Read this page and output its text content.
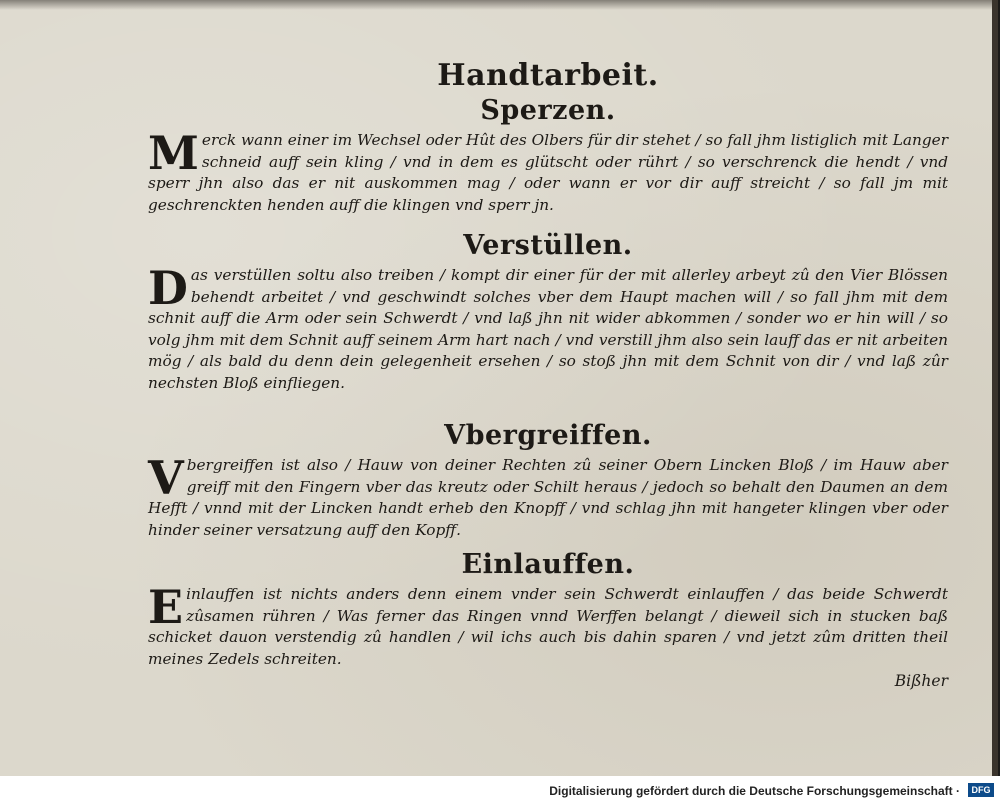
Handtarbeit.
Sperzen.

Merck wann einer im Wechsel oder Hût des Olbers für dir stehet / so fall jhm listiglich mit Langer schneid auff sein kling / vnd in dem es glütscht oder rührt / so verschrenck die hendt / vnd sperr jhn also das er nit auskommen mag / oder wann er vor dir auff streicht / so fall jm mit geschrenckten henden auff die klingen vnd sperr jn.

Verstüllen.

Das verstüllen soltu also treiben / kompt dir einer für der mit allerley arbeyt zû den Vier Blössen behendt arbeitet / vnd geschwindt solches vber dem Haupt machen will / so fall jhm mit dem schnit auff die Arm oder sein Schwerdt / vnd laß jhn nit wider abkommen / sonder wo er hin will / so volg jhm mit dem Schnit auff seinem Arm hart nach / vnd verstill jhm also sein lauff das er nit arbeiten mög / als bald du denn dein gelegenheit ersehen / so stoß jhn mit dem Schnit von dir / vnd laß zûr nechsten Bloß einfliegen.

Vbergreiffen.

Vbergreiffen ist also / Hauw von deiner Rechten zû seiner Obern Lincken Bloß / im Hauw aber greiff mit den Fingern vber das kreutz oder Schilt heraus / jedoch so behalt den Daumen an dem Hefft / vnnd mit der Lincken handt erheb den Knopff / vnd schlag jhn mit hangeter klingen vber oder hinder seiner versatzung auff den Kopff.

Einlauffen.

Einlauffen ist nichts anders denn einem vnder sein Schwerdt einlauffen / das beide Schwerdt zûsamen rühren / Was ferner das Ringen vnnd Werffen belangt / dieweil sich in stucken baß schicket dauon verstendig zû handlen / wil ichs auch bis dahin sparen / vnd jetzt zûm dritten theil meines Zedels schreiten.

Bißher
Digitalisierung gefördert durch die Deutsche Forschungsgemeinschaft ·	DFG
